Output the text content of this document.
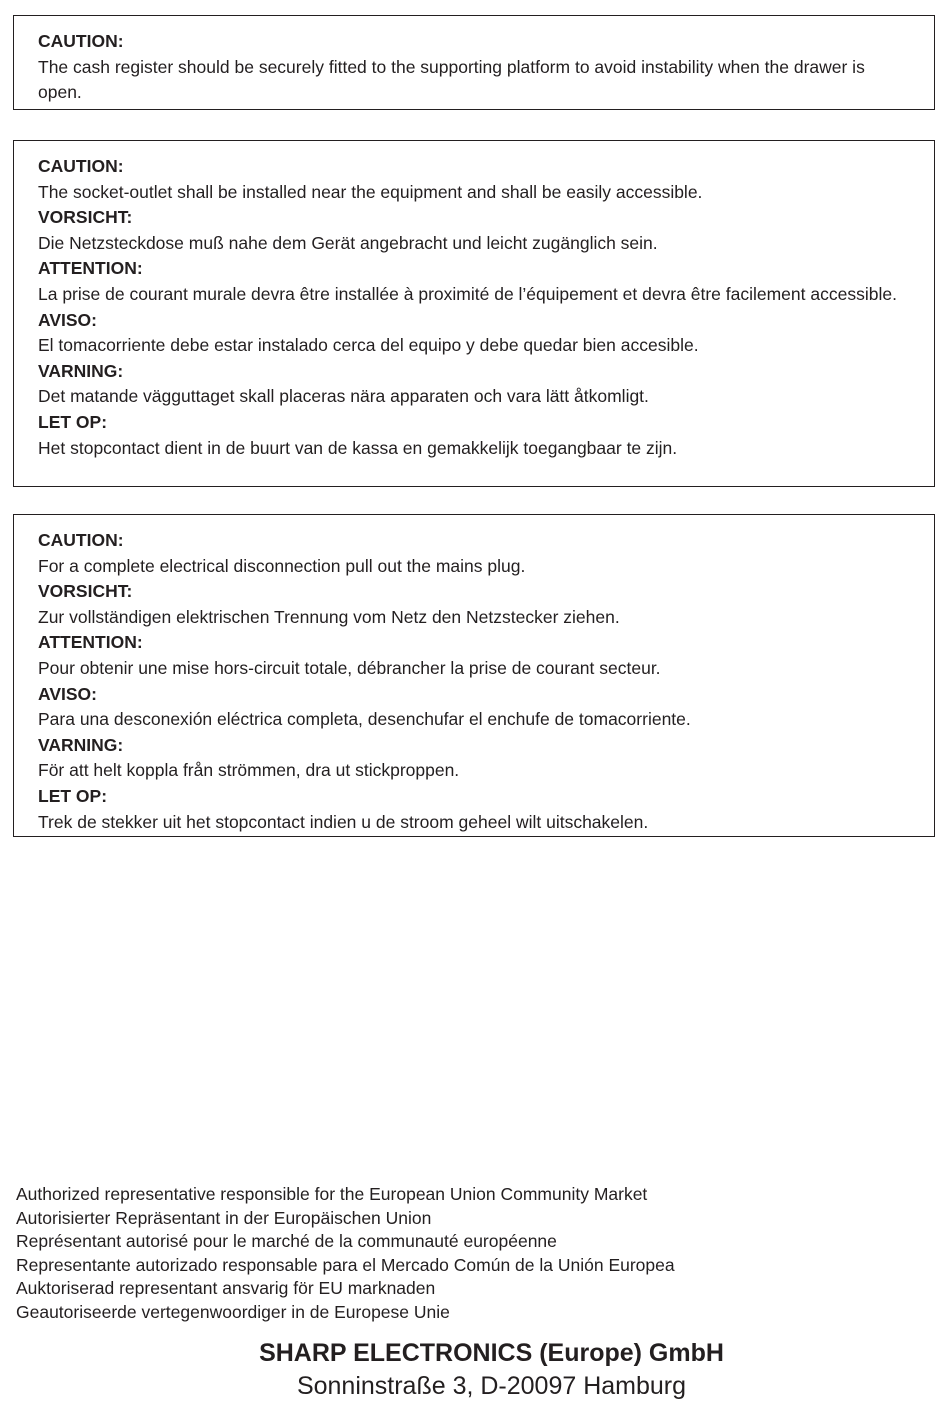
CAUTION:

The cash register should be securely fitted to the supporting platform to avoid instability when the drawer is open.

CAUTION:

The socket-outlet shall be installed near the equipment and shall be easily accessible.

VORSICHT:

Die Netzsteckdose muß nahe dem Gerät angebracht und leicht zugänglich sein.

ATTENTION:

La prise de courant murale devra être installée à proximité de l’équipement et devra être facilement accessible.

AVISO:

El tomacorriente debe estar instalado cerca del equipo y debe quedar bien accesible.

VARNING:

Det matande vägguttaget skall placeras nära apparaten och vara lätt åtkomligt.

LET OP:

Het stopcontact dient in de buurt van de kassa en gemakkelijk toegangbaar te zijn.

CAUTION:

For a complete electrical disconnection pull out the mains plug.

VORSICHT:

Zur vollständigen elektrischen Trennung vom Netz den Netzstecker ziehen.

ATTENTION:

Pour obtenir une mise hors-circuit totale, débrancher la prise de courant secteur.

AVISO:

Para una desconexión eléctrica completa, desenchufar el enchufe de tomacorriente.

VARNING:

För att helt koppla från strömmen, dra ut stickproppen.

LET OP:

Trek de stekker uit het stopcontact indien u de stroom geheel wilt uitschakelen.

Authorized representative responsible for the European Union Community Market

Autorisierter Repräsentant in der Europäischen Union

Représentant autorisé pour le marché de la communauté européenne

Representante autorizado responsable para el Mercado Común de la Unión Europea

Auktoriserad representant ansvarig för EU marknaden

Geautoriseerde vertegenwoordiger in de Europese Unie

SHARP ELECTRONICS (Europe) GmbH
Sonninstraße 3, D-20097 Hamburg
